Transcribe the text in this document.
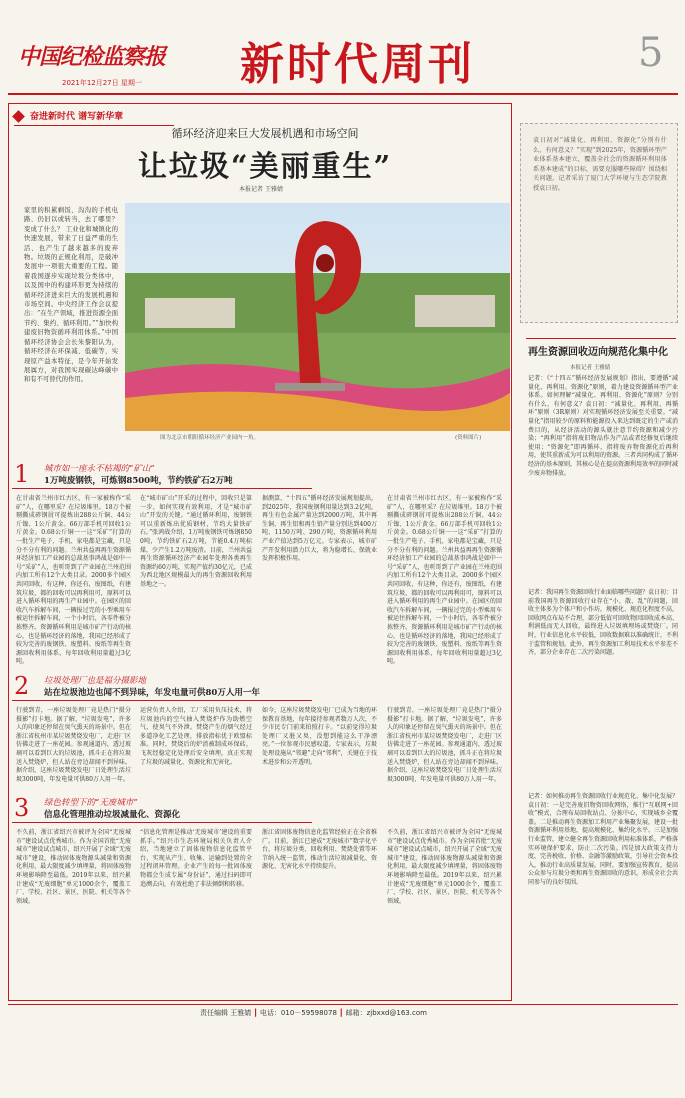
中国纪检监察报
2021年12月27日 星期一 新时代周刊	5
奋进新时代 谱写新华章
循环经济迎来巨大发展机遇和市场空间
让垃圾“美丽重生”
本报记者 王雅婧
家里的积累剩饭、沟沟的手机电路、仍旧以或转当，去了哪里？变成了什么？ 工业化和城镇化的快速发展，带来了日益严重的生活、也产生了越来越多的废弃物。垃圾的正规化利用，是破冲发展中一项很大重要的工程。随着我国逐步实现垃圾分类体中，以及国中的构建环形更为持续的循环经济进来巨大的发展机遇和市场空间。中央经济工作会议提出：“在生产领域，推进资源全面节约、集约、循环利用。”“加快构建废旧物资循环利用体系。”中国循环经济协会会长朱黎阳认为，循环经济在环保减、低碳等、实现原产益本特征，是今年开始发展属方，对我国实现碳达峰碳中和有不可替代的作用。
图为北京市朝阳循环经济产业园内一角。	(资料图片)
1 城市如一座永不枯竭的“矿山”
1万吨废钢铁，可炼钢8500吨，节约铁矿石2万吨
在甘肃省兰州市红古区，有一家被称作“采矿”人，在哪里采？在垃圾堆里。18万个被剔撕成碎钢屑可提炼出288公斤铜、44公斤镍、1公斤黄金。66万部手机可回收1公斤黄金。0.68公斤铜一一这“采矿”打算的一批生产电子、手机、家电都是宝藏，只是分不分有利的问题。兰州共益再再生资源循环经济加工产业园的总裁基事鸿战是如中一号“采矿”人，也听哥到了产业园在兰州范围内加工所有12个大类目录。2000多个园区共同回收，有这种，你还有，废图纸，有建筑垃圾，都的回收可以再利用可，原料可以进入循环利用的再生产业园中。在园区的回收汽车拆解车间，一辆报过完的小型乘用车被运往拆解车间，一个小时后，各零件被分拣整齐。资源循环利用是城市矿产行动的核心，也是循环经济的落地，我国已经形成了较为完善的废钢铁、废塑料、废纸等再生资源回收利用体系，每年回收利用量超过3亿吨。
在“城市矿山”开采的过程中，回收只是第一步，如何实现有效利用，才是“城市矿山”开发的关键。“通过循环利用，废钢铁可以重新炼出优质钢材，节约大量铁矿石。”张鸿战介绍，1万吨废钢铁可炼钢8500吨，节约铁矿石2万吨，节能0.4万吨标煤，少产生1.2万吨废渣。目前，兰州共益再生资源循环经济产业园年处理各类再生资源约60万吨，实现产值约30亿元，已成为西北地区规模最大的再生资源回收利用基地之一。
据测算，“十四五”循环经济发展规划提出，到2025年，我国废钢利用量达到3.2亿吨，再生有色金属产量达到2000万吨，其中再生铜、再生铝和再生铅产量分别达到400万吨、1150万吨、290万吨，资源循环利用产业产值达到5万亿元。专家表示，城市矿产开发利用潜力巨大，将为稳增长、保就业发挥积极作用。
在甘肃省兰州市红古区，有一家被称作“采矿”人，在哪里采？在垃圾堆里。18万个被剔撕成碎钢屑可提炼出288公斤铜、44公斤镍、1公斤黄金。66万部手机可回收1公斤黄金。0.68公斤铜一一这“采矿”打算的一批生产电子、手机、家电都是宝藏，只是分不分有利的问题。兰州共益再再生资源循环经济加工产业园的总裁基事鸿战是如中一号“采矿”人，也听哥到了产业园在兰州范围内加工所有12个大类目录。2000多个园区共同回收，有这种，你还有，废图纸，有建筑垃圾，都的回收可以再利用可，原料可以进入循环利用的再生产业园中。在园区的回收汽车拆解车间，一辆报过完的小型乘用车被运往拆解车间，一个小时后，各零件被分拣整齐。资源循环利用是城市矿产行动的核心，也是循环经济的落地，我国已经形成了较为完善的废钢铁、废塑料、废纸等再生资源回收利用体系，每年回收利用量超过3亿吨。
2 垃圾处理厂也是福分摄影地
站在垃圾池边也闻不到异味，年发电量可供80万人用一年
行驶到青，一座垃圾处理厂竟是热门“摄分摄影”打卡地。据了解，“垃圾发电”，许多人的印象还停留在臭气熏天的场景中。但在浙江省杭州市某垃圾焚烧发电厂，走进厂区仿佛走进了一座花园。参观通道内，透过玻璃可以看到巨大的垃圾池，抓斗正在将垃圾送入焚烧炉，但人站在旁边却闻不到异味。据介绍，这座垃圾焚烧发电厂日处理生活垃圾3000吨，年发电量可供80万人用一年。
运营负责人介绍，工厂采用负压技术，将垃圾池内的空气抽入焚烧炉作为助燃空气，使臭气不外泄。焚烧产生的烟气经过多道净化工艺处理，排放指标优于欧盟标准。同时，焚烧后的炉渣被制成环保砖，飞灰经稳定化处理后安全填埋，真正实现了垃圾的减量化、资源化和无害化。
如今，这座垃圾焚烧发电厂已成为当地的环保教育基地，每年接待参观者数万人次，不少市民专门前来拍照打卡。“以前觉得垃圾处理厂又脏又臭，没想到能这么干净漂亮。”一位参观市民感叹道。专家表示，垃圾处理设施从“邻避”走向“邻利”，关键在于技术进步和公开透明。
行驶到青，一座垃圾处理厂竟是热门“摄分摄影”打卡地。据了解，“垃圾发电”，许多人的印象还停留在臭气熏天的场景中。但在浙江省杭州市某垃圾焚烧发电厂，走进厂区仿佛走进了一座花园。参观通道内，透过玻璃可以看到巨大的垃圾池，抓斗正在将垃圾送入焚烧炉，但人站在旁边却闻不到异味。据介绍，这座垃圾焚烧发电厂日处理生活垃圾3000吨，年发电量可供80万人用一年。
3 绿色转型下的“无废城市”
信息化管理推动垃圾减量化、资源化
不久前，浙江省绍兴市被评为全国“无废城市”建设试点优秀城市。作为全国首批“无废城市”建设试点城市，绍兴开展了全域“无废城市”建设，推动固体废物源头减量和资源化利用，最大限度减少填埋量，将固体废物环境影响降至最低。2019年以来，绍兴累计建成“无废细胞”单元1000余个，覆盖工厂、学校、社区、景区、医院、机关等各个领域。
“信息化管理是推动‘无废城市’建设的重要抓手。”绍兴市生态环境局相关负责人介绍，当地建立了固体废物信息化监管平台，实现从产生、收集、运输到处置的全过程闭环管理。企业产生的每一批固体废物都会生成专属“身份证”，通过扫码即可追溯去向，有效杜绝了非法倾倒和转移。
浙江省固体废物信息化监管经验正在全省推广。目前，浙江已建成“无废城市”数字化平台，将垃圾分类、回收利用、焚烧处置等环节纳入统一监管，推动生活垃圾减量化、资源化、无害化水平持续提升。
不久前，浙江省绍兴市被评为全国“无废城市”建设试点优秀城市。作为全国首批“无废城市”建设试点城市，绍兴开展了全域“无废城市”建设，推动固体废物源头减量和资源化利用，最大限度减少填埋量，将固体废物环境影响降至最低。2019年以来，绍兴累计建成“无废细胞”单元1000余个，覆盖工厂、学校、社区、景区、医院、机关等各个领域。
袁日初对“减量化、再利用、资源化”分别有什么，有何意义？”实现“到2025年，资源循环型产业体系基本建立，覆盖全社会的资源循环利用体系基本建成”的目标，需要克服哪些障碍？围绕相关问题，记者采访了厦门大学环境与生态学院教授袁日初。
再生资源回收迈向规范化集中化
本报记者 王雅婧
记者：《“十四五”循环经济发展规划》指出，要遵循“减量化、再利用、资源化”原则，着力建设资源循环型产业体系。如何理解“减量化、再利用、资源化”原则？分别有什么，有何意义？袁日初：“减量化、再利用、再循环”原则（3R原则）对实现循环经济发展至关重要。“减量化”指用较少的原料和能源投入来达到既定的生产或消费目的，从经济活动的源头就注意节约资源和减少污染；“再利用”指将废旧物品作为产品或者经修复后继续使用；“资源化”即再循环，指将废弃物资源化后再利用，使其重新成为可以利用的资源。三者共同构成了循环经济的基本原则，其核心是在提高资源利用效率的同时减少废弃物排放。
记者：我国再生资源回收行业面临哪些问题？袁日初：目前我国再生资源回收行业存在“小、散、乱”的问题，回收主体多为个体户和小作坊，规模化、规范化程度不高，回收网点布局不合理，部分低值可回收物因回收成本高、利润低而无人回收，最终进入垃圾填埋场或焚烧厂。同时，行业信息化水平较低，回收数据难以准确统计，不利于监管和规划。此外，再生资源加工利用技术水平参差不齐，部分企业存在二次污染问题。
记者：如何推动再生资源回收行业规范化、集中化发展？袁日初：一是完善废旧物资回收网络，推行“互联网+回收”模式，合理布局回收站点、分拣中心，实现城乡全覆盖。二是推动再生资源加工利用产业集聚发展，建设一批资源循环利用基地，提高规模化、集约化水平。三是加强行业监管，建立健全再生资源回收利用标准体系，严格落实环境保护要求，防止二次污染。四是加大政策支持力度，完善税收、价格、金融等激励政策，引导社会资本投入，推动行业高质量发展。同时，要加强宣传教育，提高公众参与垃圾分类和再生资源回收的意识，形成全社会共同参与的良好氛围。
责任编辑 王雅婧 ┃ 电话：010－59598078 ┃ 邮箱：zjbxxd@163.com
